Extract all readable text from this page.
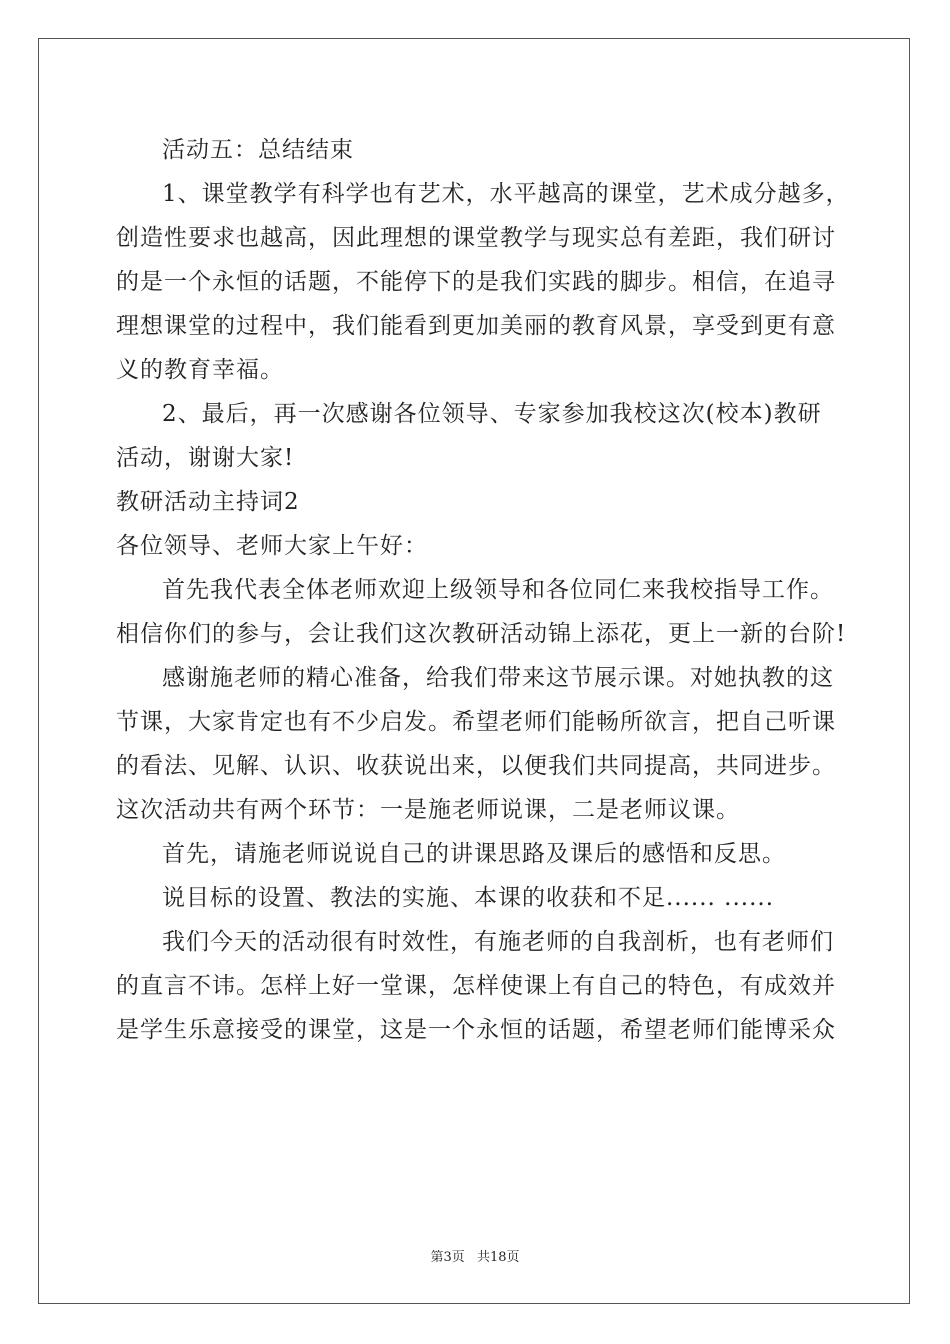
活动五：总结结束
1、课堂教学有科学也有艺术，水平越高的课堂，艺术成分越多，
创造性要求也越高，因此理想的课堂教学与现实总有差距，我们研讨
的是一个永恒的话题，不能停下的是我们实践的脚步。相信，在追寻
理想课堂的过程中，我们能看到更加美丽的教育风景，享受到更有意
义的教育幸福。
2、最后，再一次感谢各位领导、专家参加我校这次(校本)教研
活动，谢谢大家!
教研活动主持词2
各位领导、老师大家上午好：
首先我代表全体老师欢迎上级领导和各位同仁来我校指导工作。
相信你们的参与，会让我们这次教研活动锦上添花，更上一新的台阶!
感谢施老师的精心准备，给我们带来这节展示课。对她执教的这
节课，大家肯定也有不少启发。希望老师们能畅所欲言，把自己听课
的看法、见解、认识、收获说出来，以便我们共同提高，共同进步。
这次活动共有两个环节：一是施老师说课，二是老师议课。
首先，请施老师说说自己的讲课思路及课后的感悟和反思。
说目标的设置、教法的实施、本课的收获和不足...... ......
我们今天的活动很有时效性，有施老师的自我剖析，也有老师们
的直言不讳。怎样上好一堂课，怎样使课上有自己的特色，有成效并
是学生乐意接受的课堂，这是一个永恒的话题，希望老师们能博采众
第3页 共18页
